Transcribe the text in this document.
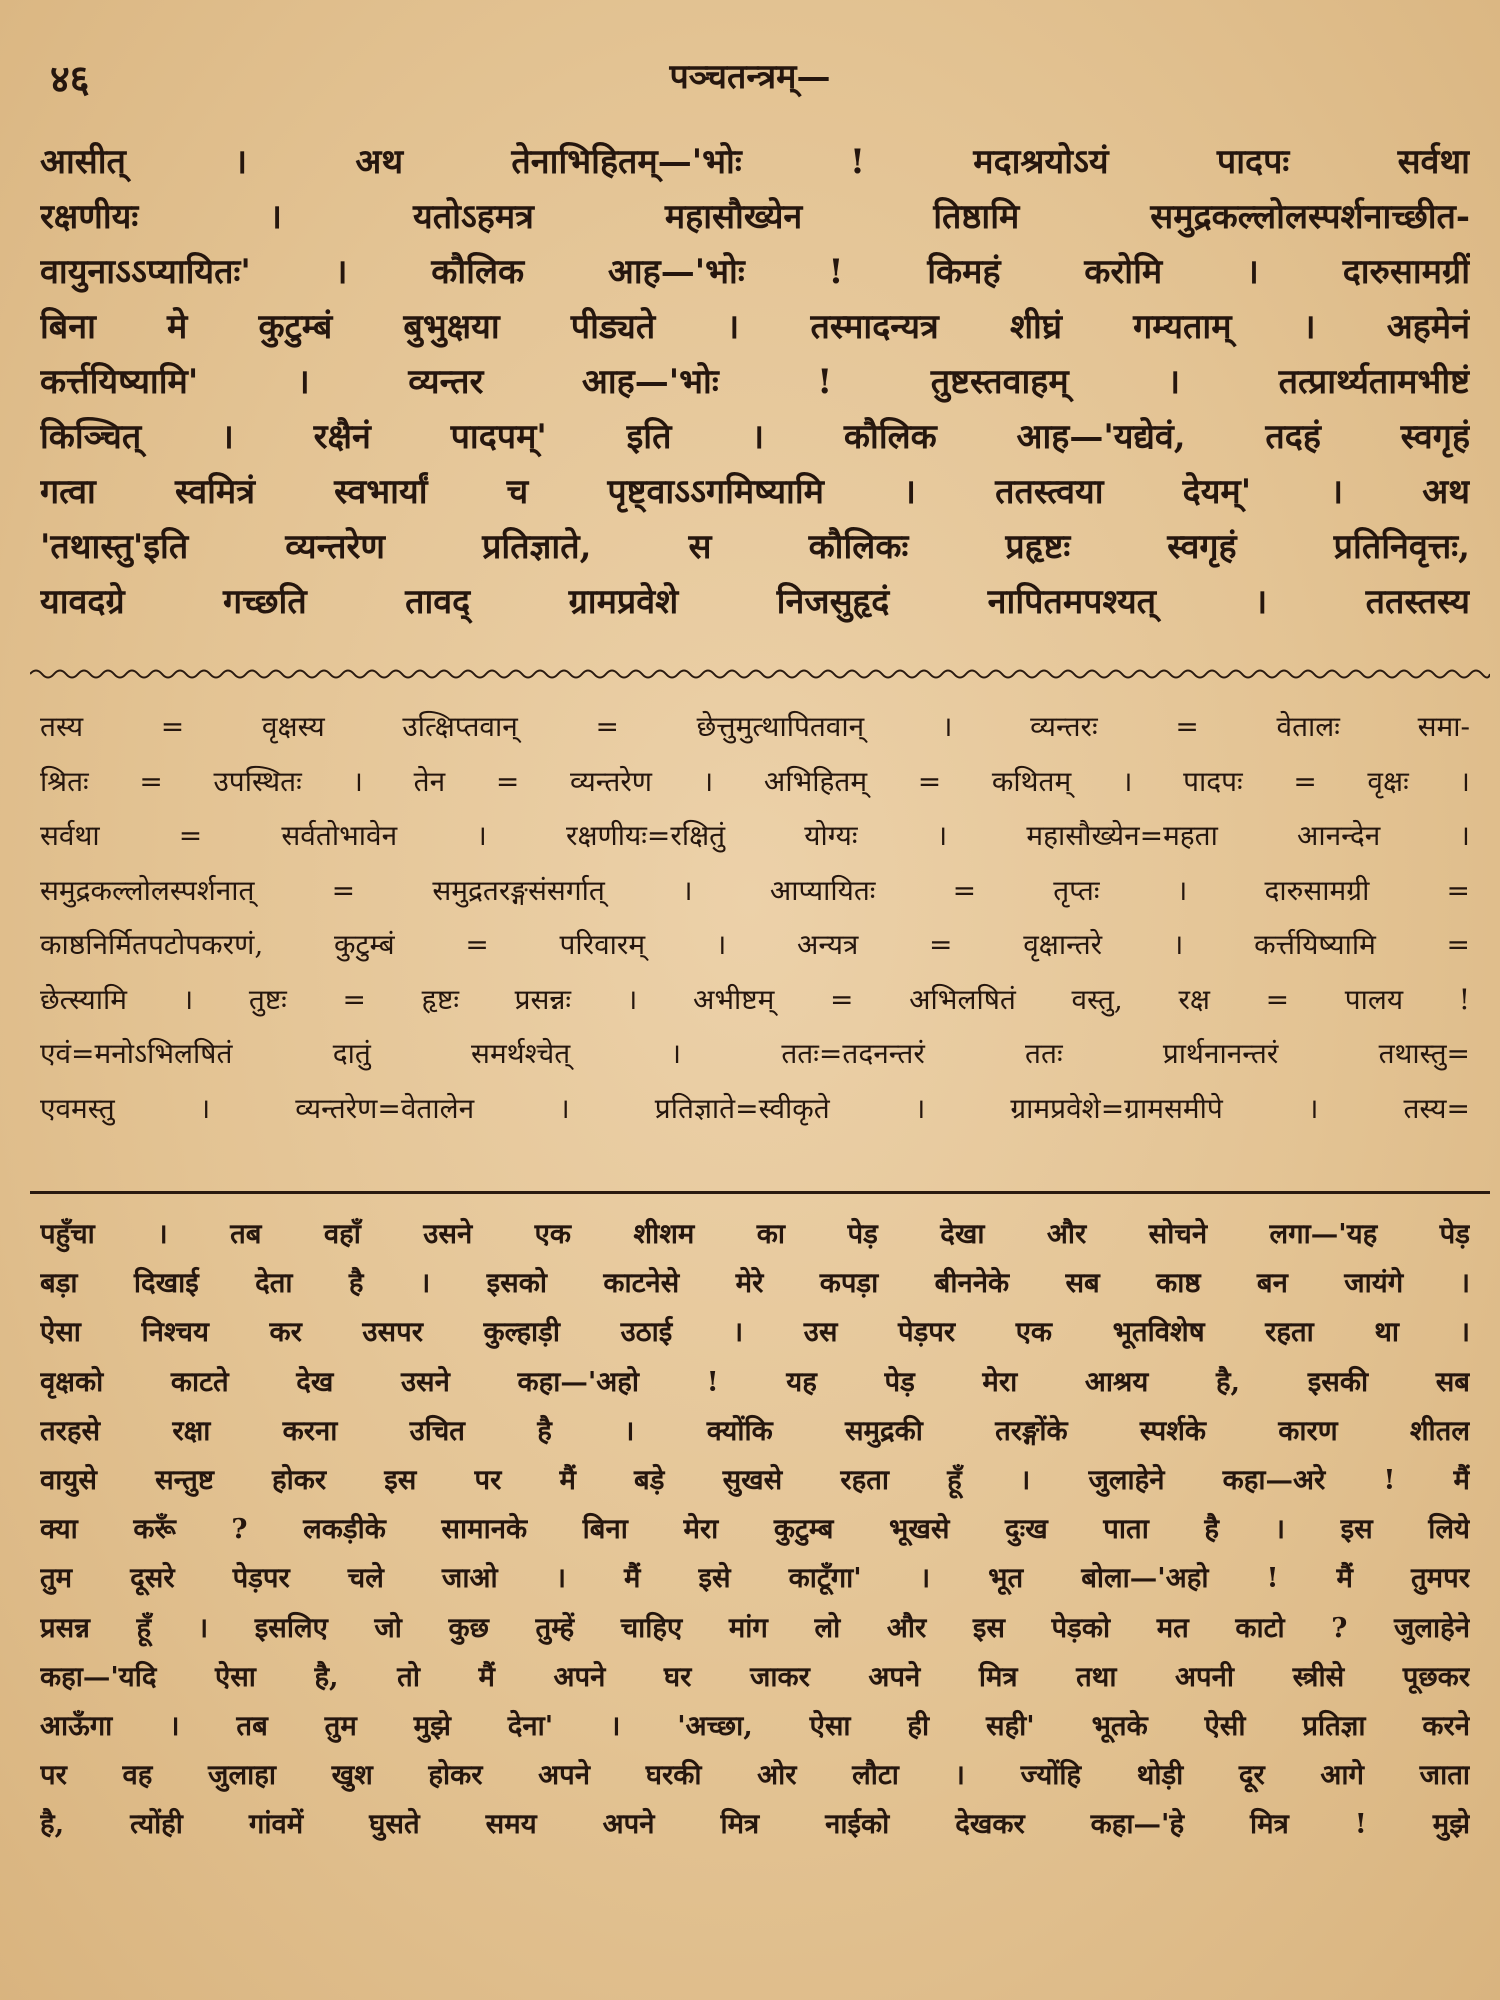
४६	पञ्चतन्त्रम्—
आसीत् । अथ तेनाभिहितम्—'भोः ! मदाश्रयोऽयं पादपः सर्वथा
रक्षणीयः । यतोऽहमत्र महासौख्येन तिष्ठामि समुद्रकल्लोलस्पर्शनाच्छीत-
वायुनाऽऽप्यायितः' । कौलिक आह—'भोः ! किमहं करोमि । दारुसामग्रीं
बिना मे कुटुम्बं बुभुक्षया पीड्यते । तस्मादन्यत्र शीघ्रं गम्यताम् । अहमेनं
कर्त्तयिष्यामि' । व्यन्तर आह—'भोः ! तुष्टस्तवाहम् । तत्प्रार्थ्यतामभीष्टं
किञ्चित् । रक्षैनं पादपम्' इति । कौलिक आह—'यद्येवं, तदहं स्वगृहं
गत्वा स्वमित्रं स्वभार्यां च पृष्ट्वाऽऽगमिष्यामि । ततस्त्वया देयम्' । अथ
'तथास्तु'इति व्यन्तरेण प्रतिज्ञाते, स कौलिकः प्रहृष्टः स्वगृहं प्रतिनिवृत्तः,
यावदग्रे गच्छति तावद् ग्रामप्रवेशे निजसुहृदं नापितमपश्यत् । ततस्तस्य
तस्य = वृक्षस्य उत्क्षिप्तवान् = छेत्तुमुत्थापितवान् । व्यन्तरः = वेतालः समा-
श्रितः = उपस्थितः । तेन = व्यन्तरेण । अभिहितम् = कथितम् । पादपः = वृक्षः ।
सर्वथा = सर्वतोभावेन । रक्षणीयः=रक्षितुं योग्यः । महासौख्येन=महता आनन्देन ।
समुद्रकल्लोलस्पर्शनात् = समुद्रतरङ्गसंसर्गात् । आप्यायितः = तृप्तः । दारुसामग्री =
काष्ठनिर्मितपटोपकरणं, कुटुम्बं = परिवारम् । अन्यत्र = वृक्षान्तरे । कर्त्तयिष्यामि =
छेत्स्यामि । तुष्टः = हृष्टः प्रसन्नः । अभीष्टम् = अभिलषितं वस्तु, रक्ष = पालय !
एवं=मनोऽभिलषितं दातुं समर्थश्चेत् । ततः=तदनन्तरं ततः प्रार्थनानन्तरं तथास्तु=
एवमस्तु । व्यन्तरेण=वेतालेन । प्रतिज्ञाते=स्वीकृते । ग्रामप्रवेशे=ग्रामसमीपे । तस्य=
पहुँचा । तब वहाँ उसने एक शीशम का पेड़ देखा और सोचने लगा—'यह पेड़
बड़ा दिखाई देता है । इसको काटनेसे मेरे कपड़ा बीननेके सब काष्ठ बन जायंगे ।
ऐसा निश्चय कर उसपर कुल्हाड़ी उठाई । उस पेड़पर एक भूतविशेष रहता था ।
वृक्षको काटते देख उसने कहा—'अहो ! यह पेड़ मेरा आश्रय है, इसकी सब
तरहसे रक्षा करना उचित है । क्योंकि समुद्रकी तरङ्गोंके स्पर्शके कारण शीतल
वायुसे सन्तुष्ट होकर इस पर मैं बड़े सुखसे रहता हूँ । जुलाहेने कहा—अरे ! मैं
क्या करूँ ? लकड़ीके सामानके बिना मेरा कुटुम्ब भूखसे दुःख पाता है । इस लिये
तुम दूसरे पेड़पर चले जाओ । मैं इसे काटूँगा' । भूत बोला—'अहो ! मैं तुमपर
प्रसन्न हूँ । इसलिए जो कुछ तुम्हें चाहिए मांग लो और इस पेड़को मत काटो ? जुलाहेने
कहा—'यदि ऐसा है, तो मैं अपने घर जाकर अपने मित्र तथा अपनी स्त्रीसे पूछकर
आऊँगा । तब तुम मुझे देना' । 'अच्छा, ऐसा ही सही' भूतके ऐसी प्रतिज्ञा करने
पर वह जुलाहा खुश होकर अपने घरकी ओर लौटा । ज्योंहि थोड़ी दूर आगे जाता
है, त्योंही गांवमें घुसते समय अपने मित्र नाईको देखकर कहा—'हे मित्र ! मुझे
